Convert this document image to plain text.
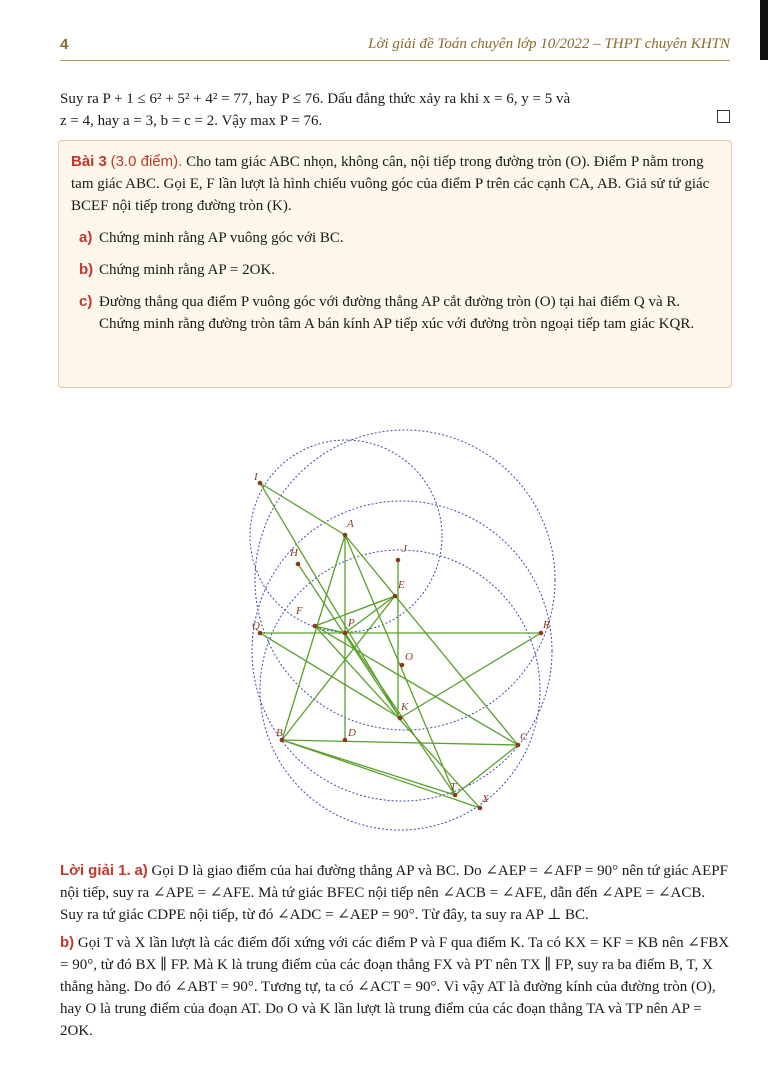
4	Lời giải đề Toán chuyên lớp 10/2022 – THPT chuyên KHTN
Suy ra P + 1 ≤ 6² + 5² + 4² = 77, hay P ≤ 76. Dấu đẳng thức xảy ra khi x = 6, y = 5 và
z = 4, hay a = 3, b = c = 2. Vậy max P = 76.
Bài 3 (3.0 điểm). Cho tam giác ABC nhọn, không cân, nội tiếp trong đường tròn (O). Điểm P nằm trong tam giác ABC. Gọi E, F lần lượt là hình chiếu vuông góc của điểm P trên các cạnh CA, AB. Giả sử tứ giác BCEF nội tiếp trong đường tròn (K).
a) Chứng minh rằng AP vuông góc với BC.
b) Chứng minh rằng AP = 2OK.
c) Đường thẳng qua điểm P vuông góc với đường thẳng AP cắt đường tròn (O) tại hai điểm Q và R. Chứng minh rằng đường tròn tâm A bán kính AP tiếp xúc với đường tròn ngoại tiếp tam giác KQR.
I
A
H	J
E
F
Q	P	R
O
K
B	D	C
T
X
Lời giải 1. a) Gọi D là giao điểm của hai đường thẳng AP và BC. Do ∠AEP = ∠AFP = 90° nên tứ giác AEPF nội tiếp, suy ra ∠APE = ∠AFE. Mà tứ giác BFEC nội tiếp nên ∠ACB = ∠AFE, dẫn đến ∠APE = ∠ACB. Suy ra tứ giác CDPE nội tiếp, từ đó ∠ADC = ∠AEP = 90°. Từ đây, ta suy ra AP ⊥ BC.
b) Gọi T và X lần lượt là các điểm đối xứng với các điểm P và F qua điểm K. Ta có KX = KF = KB nên ∠FBX = 90°, từ đó BX ∥ FP. Mà K là trung điểm của các đoạn thẳng FX và PT nên TX ∥ FP, suy ra ba điểm B, T, X thẳng hàng. Do đó ∠ABT = 90°. Tương tự, ta có ∠ACT = 90°. Vì vậy AT là đường kính của đường tròn (O), hay O là trung điểm của đoạn AT. Do O và K lần lượt là trung điểm của các đoạn thẳng TA và TP nên AP = 2OK.
